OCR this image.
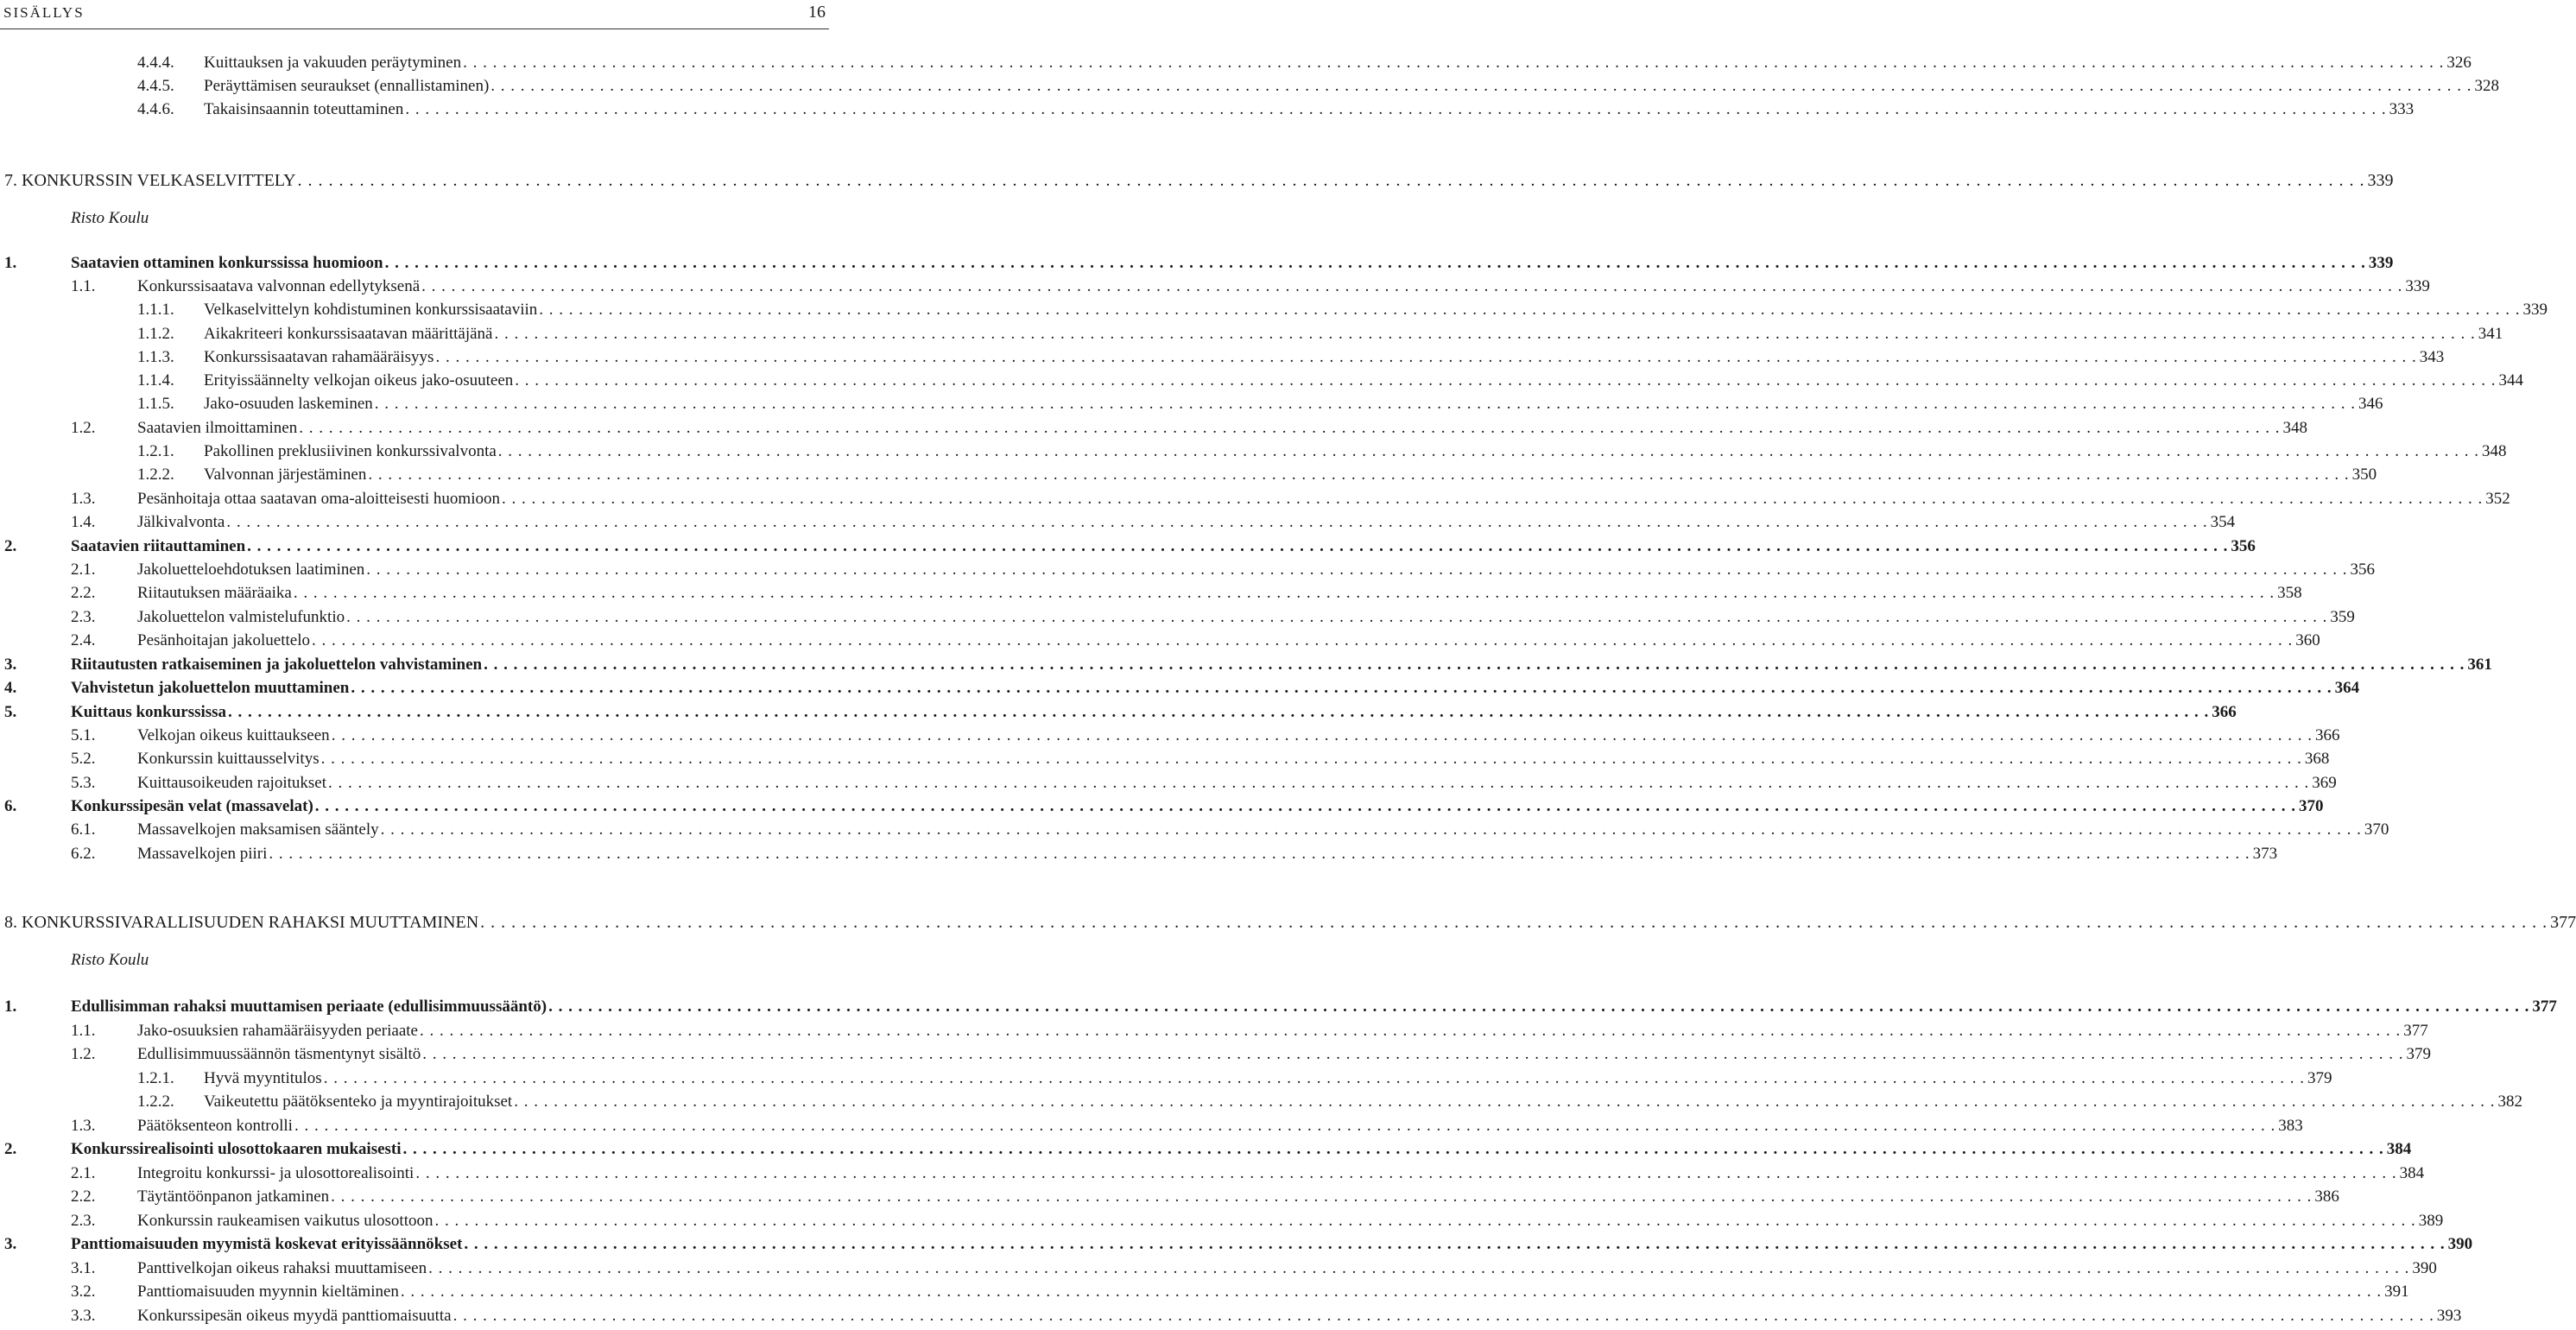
SISÄLLYS	16
4.4.4. Kuittauksen ja vakuuden peräytyminen . . . . . . . . . . . . . . . . . . . . . . . . . . . . . . . . . . . . . . . . . . . . . . . . . . . . . . . . . . . . . . . . . . . . . . . . . . . . . . . . . . . . . . . . . . . . . . . . . . . . . . . . . . . . . . . . . . . . . . . . . . . . . . . . . . . . . . . . . . . . . . . . . . . . . . . . . . . . . . . . . . . . . . . . . . . . . . . . . . . . . . . . . . . . . . . . . . . . . . . . 326
4.4.5. Peräyttämisen seuraukset (ennallistaminen) . . . . . . . . . . . . . . . . . . . . . . . . . . . . . . . . . . . . . . . . . . . . . . . . . . . . . . . . . . . . . . . . . . . . . . . . . . . . . . . . . . . . . . . . . . . . . . . . . . . . . . . . . . . . . . . . . . . . . . . . . . . . . . . . . . . . . . . . . . . . . . . . . . . . . . . . . . . . . . . . . . . . . . . . . . . . . . . . . . . . . . . . . . . . . . . . . . . . . . . . 328
4.4.6. Takaisinsaannin toteuttaminen . . . . . . . . . . . . . . . . . . . . . . . . . . . . . . . . . . . . . . . . . . . . . . . . . . . . . . . . . . . . . . . . . . . . . . . . . . . . . . . . . . . . . . . . . . . . . . . . . . . . . . . . . . . . . . . . . . . . . . . . . . . . . . . . . . . . . . . . . . . . . . . . . . . . . . . . . . . . . . . . . . . . . . . . . . . . . . . . . . . . . . . . . . . . . . . . . . . . . . . . 333
7. KONKURSSIN VELKASELVITTELY . . . . . . . . . . . . . . . . . . . . . . . . . . . . . . . . . . . . . . . . . . . . . . . . . . . . . . . . . . . . . . . . . . . . . . . . . . . . . . . . . . . . . . . . . . . . . . . . . . . . . . . . . . . . . . . . . . . . . . . . . . . . . . . . . . . . . . . . . . . . . . . . . . . . . . . . . . . . . . . . . . . . . . . . . . . . . . . . . . . . . . . . . . . . . . . . . . . . . . . . 339
Risto Koulu
1.	Saatavien ottaminen konkurssissa huomioon . . . . . . . . . . . . . . . . . . . . . . . . . . . . . . . . . . . . . . . . . . . . . . . . . . . . . . . . . . . . . . . . . . . . . . . . . . . . . . . . . . . . . . . . . . . . . . . . . . . . . . . . . . . . . . . . . . . . . . . . . . . . . . . . . . . . . . . . . . . . . . . . . . . . . . . . . . . . . . . . . . . . . . . . . . . . . . . . . . . . . . . . . . . . . . . . . . . . . . . . 339
1.1.	Konkurssisaatava valvonnan edellytyksenä . . . . . . . . . . . . . . . . . . . . . . . . . . . . . . . . . . . . . . . . . . . . . . . . . . . . . . . . . . . . . . . . . . . . . . . . . . . . . . . . . . . . . . . . . . . . . . . . . . . . . . . . . . . . . . . . . . . . . . . . . . . . . . . . . . . . . . . . . . . . . . . . . . . . . . . . . . . . . . . . . . . . . . . . . . . . . . . . . . . . . . . . . . . . . . . . . . . . . . . . 339
1.1.1. Velkaselvittelyn kohdistuminen konkurssisaataviin . . . . . . . . . . . . . . . . . . . . . . . . . . . . . . . . . . . . . . . . . . . . . . . . . . . . . . . . . . . . . . . . . . . . . . . . . . . . . . . . . . . . . . . . . . . . . . . . . . . . . . . . . . . . . . . . . . . . . . . . . . . . . . . . . . . . . . . . . . . . . . . . . . . . . . . . . . . . . . . . . . . . . . . . . . . . . . . . . . . . . . . . . . . . . . . . . . . . . . . . 339
1.1.2. Aikakriteeri konkurssisaatavan määrittäjänä . . . . . . . . . . . . . . . . . . . . . . . . . . . . . . . . . . . . . . . . . . . . . . . . . . . . . . . . . . . . . . . . . . . . . . . . . . . . . . . . . . . . . . . . . . . . . . . . . . . . . . . . . . . . . . . . . . . . . . . . . . . . . . . . . . . . . . . . . . . . . . . . . . . . . . . . . . . . . . . . . . . . . . . . . . . . . . . . . . . . . . . . . . . . . . . . . . . . . . . . 341
1.1.3. Konkurssisaatavan rahamääräisyys . . . . . . . . . . . . . . . . . . . . . . . . . . . . . . . . . . . . . . . . . . . . . . . . . . . . . . . . . . . . . . . . . . . . . . . . . . . . . . . . . . . . . . . . . . . . . . . . . . . . . . . . . . . . . . . . . . . . . . . . . . . . . . . . . . . . . . . . . . . . . . . . . . . . . . . . . . . . . . . . . . . . . . . . . . . . . . . . . . . . . . . . . . . . . . . . . . . . . . . . 343
1.1.4. Erityissäännelty velkojan oikeus jako-osuuteen . . . . . . . . . . . . . . . . . . . . . . . . . . . . . . . . . . . . . . . . . . . . . . . . . . . . . . . . . . . . . . . . . . . . . . . . . . . . . . . . . . . . . . . . . . . . . . . . . . . . . . . . . . . . . . . . . . . . . . . . . . . . . . . . . . . . . . . . . . . . . . . . . . . . . . . . . . . . . . . . . . . . . . . . . . . . . . . . . . . . . . . . . . . . . . . . . . . . . . . . 344
1.1.5. Jako-osuuden laskeminen . . . . . . . . . . . . . . . . . . . . . . . . . . . . . . . . . . . . . . . . . . . . . . . . . . . . . . . . . . . . . . . . . . . . . . . . . . . . . . . . . . . . . . . . . . . . . . . . . . . . . . . . . . . . . . . . . . . . . . . . . . . . . . . . . . . . . . . . . . . . . . . . . . . . . . . . . . . . . . . . . . . . . . . . . . . . . . . . . . . . . . . . . . . . . . . . . . . . . . . . 346
1.2.	Saatavien ilmoittaminen . . . . . . . . . . . . . . . . . . . . . . . . . . . . . . . . . . . . . . . . . . . . . . . . . . . . . . . . . . . . . . . . . . . . . . . . . . . . . . . . . . . . . . . . . . . . . . . . . . . . . . . . . . . . . . . . . . . . . . . . . . . . . . . . . . . . . . . . . . . . . . . . . . . . . . . . . . . . . . . . . . . . . . . . . . . . . . . . . . . . . . . . . . . . . . . . . . . . . . . . 348
1.2.1. Pakollinen preklusiivinen konkurssivalvonta . . . . . . . . . . . . . . . . . . . . . . . . . . . . . . . . . . . . . . . . . . . . . . . . . . . . . . . . . . . . . . . . . . . . . . . . . . . . . . . . . . . . . . . . . . . . . . . . . . . . . . . . . . . . . . . . . . . . . . . . . . . . . . . . . . . . . . . . . . . . . . . . . . . . . . . . . . . . . . . . . . . . . . . . . . . . . . . . . . . . . . . . . . . . . . . . . . . . . . . . 348
1.2.2. Valvonnan järjestäminen . . . . . . . . . . . . . . . . . . . . . . . . . . . . . . . . . . . . . . . . . . . . . . . . . . . . . . . . . . . . . . . . . . . . . . . . . . . . . . . . . . . . . . . . . . . . . . . . . . . . . . . . . . . . . . . . . . . . . . . . . . . . . . . . . . . . . . . . . . . . . . . . . . . . . . . . . . . . . . . . . . . . . . . . . . . . . . . . . . . . . . . . . . . . . . . . . . . . . . . . 350
1.3.	Pesänhoitaja ottaa saatavan oma-aloitteisesti huomioon . . . . . . . . . . . . . . . . . . . . . . . . . . . . . . . . . . . . . . . . . . . . . . . . . . . . . . . . . . . . . . . . . . . . . . . . . . . . . . . . . . . . . . . . . . . . . . . . . . . . . . . . . . . . . . . . . . . . . . . . . . . . . . . . . . . . . . . . . . . . . . . . . . . . . . . . . . . . . . . . . . . . . . . . . . . . . . . . . . . . . . . . . . . . . . . . . . . . . . . . 352
1.4.	Jälkivalvonta . . . . . . . . . . . . . . . . . . . . . . . . . . . . . . . . . . . . . . . . . . . . . . . . . . . . . . . . . . . . . . . . . . . . . . . . . . . . . . . . . . . . . . . . . . . . . . . . . . . . . . . . . . . . . . . . . . . . . . . . . . . . . . . . . . . . . . . . . . . . . . . . . . . . . . . . . . . . . . . . . . . . . . . . . . . . . . . . . . . . . . . . . . . . . . . . . . . . . . . . 354
2.	Saatavien riitauttaminen . . . . . . . . . . . . . . . . . . . . . . . . . . . . . . . . . . . . . . . . . . . . . . . . . . . . . . . . . . . . . . . . . . . . . . . . . . . . . . . . . . . . . . . . . . . . . . . . . . . . . . . . . . . . . . . . . . . . . . . . . . . . . . . . . . . . . . . . . . . . . . . . . . . . . . . . . . . . . . . . . . . . . . . . . . . . . . . . . . . . . . . . . . . . . . . . . . . . . . . . 356
2.1.	Jakoluetteloehdotuksen laatiminen . . . . . . . . . . . . . . . . . . . . . . . . . . . . . . . . . . . . . . . . . . . . . . . . . . . . . . . . . . . . . . . . . . . . . . . . . . . . . . . . . . . . . . . . . . . . . . . . . . . . . . . . . . . . . . . . . . . . . . . . . . . . . . . . . . . . . . . . . . . . . . . . . . . . . . . . . . . . . . . . . . . . . . . . . . . . . . . . . . . . . . . . . . . . . . . . . . . . . . . . 356
2.2.	Riitautuksen määräaika . . . . . . . . . . . . . . . . . . . . . . . . . . . . . . . . . . . . . . . . . . . . . . . . . . . . . . . . . . . . . . . . . . . . . . . . . . . . . . . . . . . . . . . . . . . . . . . . . . . . . . . . . . . . . . . . . . . . . . . . . . . . . . . . . . . . . . . . . . . . . . . . . . . . . . . . . . . . . . . . . . . . . . . . . . . . . . . . . . . . . . . . . . . . . . . . . . . . . . . . 358
2.3.	Jakoluettelon valmistelufunktio . . . . . . . . . . . . . . . . . . . . . . . . . . . . . . . . . . . . . . . . . . . . . . . . . . . . . . . . . . . . . . . . . . . . . . . . . . . . . . . . . . . . . . . . . . . . . . . . . . . . . . . . . . . . . . . . . . . . . . . . . . . . . . . . . . . . . . . . . . . . . . . . . . . . . . . . . . . . . . . . . . . . . . . . . . . . . . . . . . . . . . . . . . . . . . . . . . . . . . . . 359
2.4.	Pesänhoitajan jakoluettelo . . . . . . . . . . . . . . . . . . . . . . . . . . . . . . . . . . . . . . . . . . . . . . . . . . . . . . . . . . . . . . . . . . . . . . . . . . . . . . . . . . . . . . . . . . . . . . . . . . . . . . . . . . . . . . . . . . . . . . . . . . . . . . . . . . . . . . . . . . . . . . . . . . . . . . . . . . . . . . . . . . . . . . . . . . . . . . . . . . . . . . . . . . . . . . . . . . . . . . . . 360
3.	Riitautusten ratkaiseminen ja jakoluettelon vahvistaminen . . . . . . . . . . . . . . . . . . . . . . . . . . . . . . . . . . . . . . . . . . . . . . . . . . . . . . . . . . . . . . . . . . . . . . . . . . . . . . . . . . . . . . . . . . . . . . . . . . . . . . . . . . . . . . . . . . . . . . . . . . . . . . . . . . . . . . . . . . . . . . . . . . . . . . . . . . . . . . . . . . . . . . . . . . . . . . . . . . . . . . . . . . . . . . . . . . . . . . . . 361
4.	Vahvistetun jakoluettelon muuttaminen . . . . . . . . . . . . . . . . . . . . . . . . . . . . . . . . . . . . . . . . . . . . . . . . . . . . . . . . . . . . . . . . . . . . . . . . . . . . . . . . . . . . . . . . . . . . . . . . . . . . . . . . . . . . . . . . . . . . . . . . . . . . . . . . . . . . . . . . . . . . . . . . . . . . . . . . . . . . . . . . . . . . . . . . . . . . . . . . . . . . . . . . . . . . . . . . . . . . . . . . 364
5.	Kuittaus konkurssissa . . . . . . . . . . . . . . . . . . . . . . . . . . . . . . . . . . . . . . . . . . . . . . . . . . . . . . . . . . . . . . . . . . . . . . . . . . . . . . . . . . . . . . . . . . . . . . . . . . . . . . . . . . . . . . . . . . . . . . . . . . . . . . . . . . . . . . . . . . . . . . . . . . . . . . . . . . . . . . . . . . . . . . . . . . . . . . . . . . . . . . . . . . . . . . . . . . . . . . . . 366
5.1.	Velkojan oikeus kuittaukseen . . . . . . . . . . . . . . . . . . . . . . . . . . . . . . . . . . . . . . . . . . . . . . . . . . . . . . . . . . . . . . . . . . . . . . . . . . . . . . . . . . . . . . . . . . . . . . . . . . . . . . . . . . . . . . . . . . . . . . . . . . . . . . . . . . . . . . . . . . . . . . . . . . . . . . . . . . . . . . . . . . . . . . . . . . . . . . . . . . . . . . . . . . . . . . . . . . . . . . . . 366
5.2.	Konkurssin kuittausselvitys . . . . . . . . . . . . . . . . . . . . . . . . . . . . . . . . . . . . . . . . . . . . . . . . . . . . . . . . . . . . . . . . . . . . . . . . . . . . . . . . . . . . . . . . . . . . . . . . . . . . . . . . . . . . . . . . . . . . . . . . . . . . . . . . . . . . . . . . . . . . . . . . . . . . . . . . . . . . . . . . . . . . . . . . . . . . . . . . . . . . . . . . . . . . . . . . . . . . . . . . 368
5.3.	Kuittausoikeuden rajoitukset . . . . . . . . . . . . . . . . . . . . . . . . . . . . . . . . . . . . . . . . . . . . . . . . . . . . . . . . . . . . . . . . . . . . . . . . . . . . . . . . . . . . . . . . . . . . . . . . . . . . . . . . . . . . . . . . . . . . . . . . . . . . . . . . . . . . . . . . . . . . . . . . . . . . . . . . . . . . . . . . . . . . . . . . . . . . . . . . . . . . . . . . . . . . . . . . . . . . . . . . 369
6.	Konkurssipesän velat (massavelat) . . . . . . . . . . . . . . . . . . . . . . . . . . . . . . . . . . . . . . . . . . . . . . . . . . . . . . . . . . . . . . . . . . . . . . . . . . . . . . . . . . . . . . . . . . . . . . . . . . . . . . . . . . . . . . . . . . . . . . . . . . . . . . . . . . . . . . . . . . . . . . . . . . . . . . . . . . . . . . . . . . . . . . . . . . . . . . . . . . . . . . . . . . . . . . . . . . . . . . . . 370
6.1.	Massavelkojen maksamisen sääntely . . . . . . . . . . . . . . . . . . . . . . . . . . . . . . . . . . . . . . . . . . . . . . . . . . . . . . . . . . . . . . . . . . . . . . . . . . . . . . . . . . . . . . . . . . . . . . . . . . . . . . . . . . . . . . . . . . . . . . . . . . . . . . . . . . . . . . . . . . . . . . . . . . . . . . . . . . . . . . . . . . . . . . . . . . . . . . . . . . . . . . . . . . . . . . . . . . . . . . . . 370
6.2.	Massavelkojen piiri . . . . . . . . . . . . . . . . . . . . . . . . . . . . . . . . . . . . . . . . . . . . . . . . . . . . . . . . . . . . . . . . . . . . . . . . . . . . . . . . . . . . . . . . . . . . . . . . . . . . . . . . . . . . . . . . . . . . . . . . . . . . . . . . . . . . . . . . . . . . . . . . . . . . . . . . . . . . . . . . . . . . . . . . . . . . . . . . . . . . . . . . . . . . . . . . . . . . . . . . 373
8. KONKURSSIVARALLISUUDEN RAHAKSI MUUTTAMINEN . . . . . . . . . . . . . . . . . . . . . . . . . . . . . . . . . . . . . . . . . . . . . . . . . . . . . . . . . . . . . . . . . . . . . . . . . . . . . . . . . . . . . . . . . . . . . . . . . . . . . . . . . . . . . . . . . . . . . . . . . . . . . . . . . . . . . . . . . . . . . . . . . . . . . . . . . . . . . . . . . . . . . . . . . . . . . . . . . . . . . . . . . . . . . . . . . . . . . . . . 377
Risto Koulu
1.	Edullisimman rahaksi muuttamisen periaate (edullisimmuussääntö) . . . . . . . . . . . . . . . . . . . . . . . . . . . . . . . . . . . . . . . . . . . . . . . . . . . . . . . . . . . . . . . . . . . . . . . . . . . . . . . . . . . . . . . . . . . . . . . . . . . . . . . . . . . . . . . . . . . . . . . . . . . . . . . . . . . . . . . . . . . . . . . . . . . . . . . . . . . . . . . . . . . . . . . . . . . . . . . . . . . . . . . . . . . . . . . . . . . . . . . . 377
1.1.	Jako-osuuksien rahamääräisyyden periaate . . . . . . . . . . . . . . . . . . . . . . . . . . . . . . . . . . . . . . . . . . . . . . . . . . . . . . . . . . . . . . . . . . . . . . . . . . . . . . . . . . . . . . . . . . . . . . . . . . . . . . . . . . . . . . . . . . . . . . . . . . . . . . . . . . . . . . . . . . . . . . . . . . . . . . . . . . . . . . . . . . . . . . . . . . . . . . . . . . . . . . . . . . . . . . . . . . . . . . . . 377
1.2.	Edullisimmuussäännön täsmentynyt sisältö . . . . . . . . . . . . . . . . . . . . . . . . . . . . . . . . . . . . . . . . . . . . . . . . . . . . . . . . . . . . . . . . . . . . . . . . . . . . . . . . . . . . . . . . . . . . . . . . . . . . . . . . . . . . . . . . . . . . . . . . . . . . . . . . . . . . . . . . . . . . . . . . . . . . . . . . . . . . . . . . . . . . . . . . . . . . . . . . . . . . . . . . . . . . . . . . . . . . . . . . 379
1.2.1. Hyvä myyntitulos . . . . . . . . . . . . . . . . . . . . . . . . . . . . . . . . . . . . . . . . . . . . . . . . . . . . . . . . . . . . . . . . . . . . . . . . . . . . . . . . . . . . . . . . . . . . . . . . . . . . . . . . . . . . . . . . . . . . . . . . . . . . . . . . . . . . . . . . . . . . . . . . . . . . . . . . . . . . . . . . . . . . . . . . . . . . . . . . . . . . . . . . . . . . . . . . . . . . . . . . 379
1.2.2. Vaikeutettu päätöksenteko ja myyntirajoitukset . . . . . . . . . . . . . . . . . . . . . . . . . . . . . . . . . . . . . . . . . . . . . . . . . . . . . . . . . . . . . . . . . . . . . . . . . . . . . . . . . . . . . . . . . . . . . . . . . . . . . . . . . . . . . . . . . . . . . . . . . . . . . . . . . . . . . . . . . . . . . . . . . . . . . . . . . . . . . . . . . . . . . . . . . . . . . . . . . . . . . . . . . . . . . . . . . . . . . . . . 382
1.3.	Päätöksenteon kontrolli . . . . . . . . . . . . . . . . . . . . . . . . . . . . . . . . . . . . . . . . . . . . . . . . . . . . . . . . . . . . . . . . . . . . . . . . . . . . . . . . . . . . . . . . . . . . . . . . . . . . . . . . . . . . . . . . . . . . . . . . . . . . . . . . . . . . . . . . . . . . . . . . . . . . . . . . . . . . . . . . . . . . . . . . . . . . . . . . . . . . . . . . . . . . . . . . . . . . . . . . 383
2.	Konkurssirealisointi ulosottokaaren mukaisesti . . . . . . . . . . . . . . . . . . . . . . . . . . . . . . . . . . . . . . . . . . . . . . . . . . . . . . . . . . . . . . . . . . . . . . . . . . . . . . . . . . . . . . . . . . . . . . . . . . . . . . . . . . . . . . . . . . . . . . . . . . . . . . . . . . . . . . . . . . . . . . . . . . . . . . . . . . . . . . . . . . . . . . . . . . . . . . . . . . . . . . . . . . . . . . . . . . . . . . . . 384
2.1.	Integroitu konkurssi- ja ulosottorealisointi . . . . . . . . . . . . . . . . . . . . . . . . . . . . . . . . . . . . . . . . . . . . . . . . . . . . . . . . . . . . . . . . . . . . . . . . . . . . . . . . . . . . . . . . . . . . . . . . . . . . . . . . . . . . . . . . . . . . . . . . . . . . . . . . . . . . . . . . . . . . . . . . . . . . . . . . . . . . . . . . . . . . . . . . . . . . . . . . . . . . . . . . . . . . . . . . . . . . . . . . 384
2.2.	Täytäntöönpanon jatkaminen . . . . . . . . . . . . . . . . . . . . . . . . . . . . . . . . . . . . . . . . . . . . . . . . . . . . . . . . . . . . . . . . . . . . . . . . . . . . . . . . . . . . . . . . . . . . . . . . . . . . . . . . . . . . . . . . . . . . . . . . . . . . . . . . . . . . . . . . . . . . . . . . . . . . . . . . . . . . . . . . . . . . . . . . . . . . . . . . . . . . . . . . . . . . . . . . . . . . . . . . 386
2.3.	Konkurssin raukeamisen vaikutus ulosottoon . . . . . . . . . . . . . . . . . . . . . . . . . . . . . . . . . . . . . . . . . . . . . . . . . . . . . . . . . . . . . . . . . . . . . . . . . . . . . . . . . . . . . . . . . . . . . . . . . . . . . . . . . . . . . . . . . . . . . . . . . . . . . . . . . . . . . . . . . . . . . . . . . . . . . . . . . . . . . . . . . . . . . . . . . . . . . . . . . . . . . . . . . . . . . . . . . . . . . . . . 389
3.	Panttiomaisuuden myymistä koskevat erityissäännökset . . . . . . . . . . . . . . . . . . . . . . . . . . . . . . . . . . . . . . . . . . . . . . . . . . . . . . . . . . . . . . . . . . . . . . . . . . . . . . . . . . . . . . . . . . . . . . . . . . . . . . . . . . . . . . . . . . . . . . . . . . . . . . . . . . . . . . . . . . . . . . . . . . . . . . . . . . . . . . . . . . . . . . . . . . . . . . . . . . . . . . . . . . . . . . . . . . . . . . . . 390
3.1.	Panttivelkojan oikeus rahaksi muuttamiseen . . . . . . . . . . . . . . . . . . . . . . . . . . . . . . . . . . . . . . . . . . . . . . . . . . . . . . . . . . . . . . . . . . . . . . . . . . . . . . . . . . . . . . . . . . . . . . . . . . . . . . . . . . . . . . . . . . . . . . . . . . . . . . . . . . . . . . . . . . . . . . . . . . . . . . . . . . . . . . . . . . . . . . . . . . . . . . . . . . . . . . . . . . . . . . . . . . . . . . . . 390
3.2.	Panttiomaisuuden myynnin kieltäminen . . . . . . . . . . . . . . . . . . . . . . . . . . . . . . . . . . . . . . . . . . . . . . . . . . . . . . . . . . . . . . . . . . . . . . . . . . . . . . . . . . . . . . . . . . . . . . . . . . . . . . . . . . . . . . . . . . . . . . . . . . . . . . . . . . . . . . . . . . . . . . . . . . . . . . . . . . . . . . . . . . . . . . . . . . . . . . . . . . . . . . . . . . . . . . . . . . . . . . . . 391
3.3.	Konkurssipesän oikeus myydä panttiomaisuutta . . . . . . . . . . . . . . . . . . . . . . . . . . . . . . . . . . . . . . . . . . . . . . . . . . . . . . . . . . . . . . . . . . . . . . . . . . . . . . . . . . . . . . . . . . . . . . . . . . . . . . . . . . . . . . . . . . . . . . . . . . . . . . . . . . . . . . . . . . . . . . . . . . . . . . . . . . . . . . . . . . . . . . . . . . . . . . . . . . . . . . . . . . . . . . . . . . . . . . . . 393
